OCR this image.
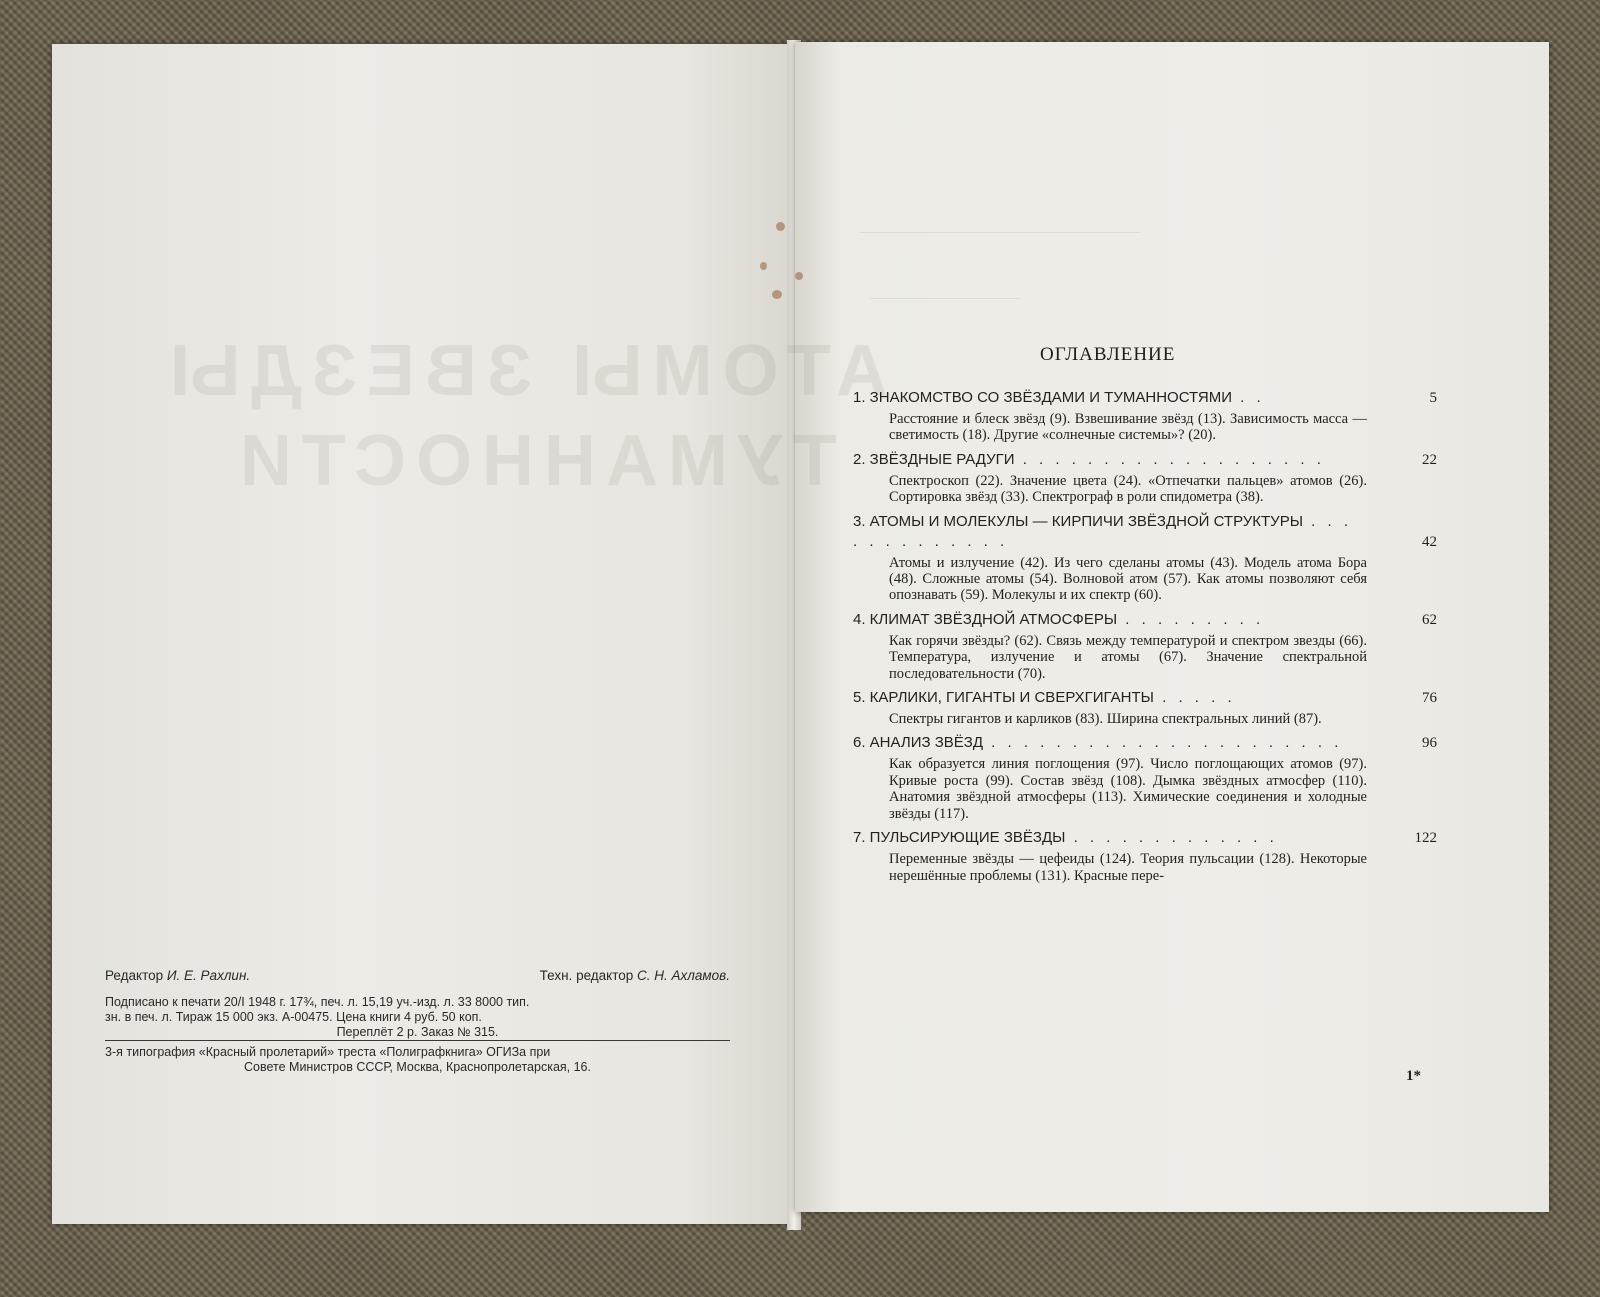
ATOMЫ ЗВЕЗДЫ
ТУМАННОСТИ
Редактор И. Е. Рахлин.	Техн. редактор С. Н. Ахламов.
Подписано к печати 20/I 1948 г. 17¾, печ. л. 15,19 уч.-изд. л. 33 8000 тип.
зн. в печ. л. Тираж 15 000 экз. А-00475. Цена книги 4 руб. 50 коп.
Переплёт 2 р. Заказ № 315.
3-я типография «Красный пролетарий» треста «Полиграфкнига» ОГИЗа при
Совете Министров СССР, Москва, Краснопролетарская, 16.
ОГЛАВЛЕНИЕ
1. ЗНАКОМСТВО СО ЗВЁЗДАМИ И ТУМАННОСТЯМИ . .	5
Расстояние и блеск звёзд (9). Взвешивание звёзд (13). Зависимость масса — светимость (18). Другие «солнечные системы»? (20).
2. ЗВЁЗДНЫЕ РАДУГИ . . . . . . . . . . . . . . . . . . .	22
Спектроскоп (22). Значение цвета (24). «Отпечатки пальцев» атомов (26). Сортировка звёзд (33). Спектрограф в роли спидометра (38).
3. АТОМЫ И МОЛЕКУЛЫ — КИРПИЧИ ЗВЁЗДНОЙ СТРУКТУРЫ . . . . . . . . . . . . .	42
Атомы и излучение (42). Из чего сделаны атомы (43). Модель атома Бора (48). Сложные атомы (54). Волновой атом (57). Как атомы позволяют себя опознавать (59). Молекулы и их спектр (60).
4. КЛИМАТ ЗВЁЗДНОЙ АТМОСФЕРЫ . . . . . . . . .	62
Как горячи звёзды? (62). Связь между температурой и спектром звезды (66). Температура, излучение и атомы (67). Значение спектральной последовательности (70).
5. КАРЛИКИ, ГИГАНТЫ И СВЕРХГИГАНТЫ . . . . .	76
Спектры гигантов и карликов (83). Ширина спектральных линий (87).
6. АНАЛИЗ ЗВЁЗД . . . . . . . . . . . . . . . . . . . . . .	96
Как образуется линия поглощения (97). Число поглощающих атомов (97). Кривые роста (99). Состав звёзд (108). Дымка звёздных атмосфер (110). Анатомия звёздной атмосферы (113). Химические соединения и холодные звёзды (117).
7. ПУЛЬСИРУЮЩИЕ ЗВЁЗДЫ . . . . . . . . . . . . .	122
Переменные звёзды — цефеиды (124). Теория пульсации (128). Некоторые нерешённые проблемы (131). Красные пере-
1*
